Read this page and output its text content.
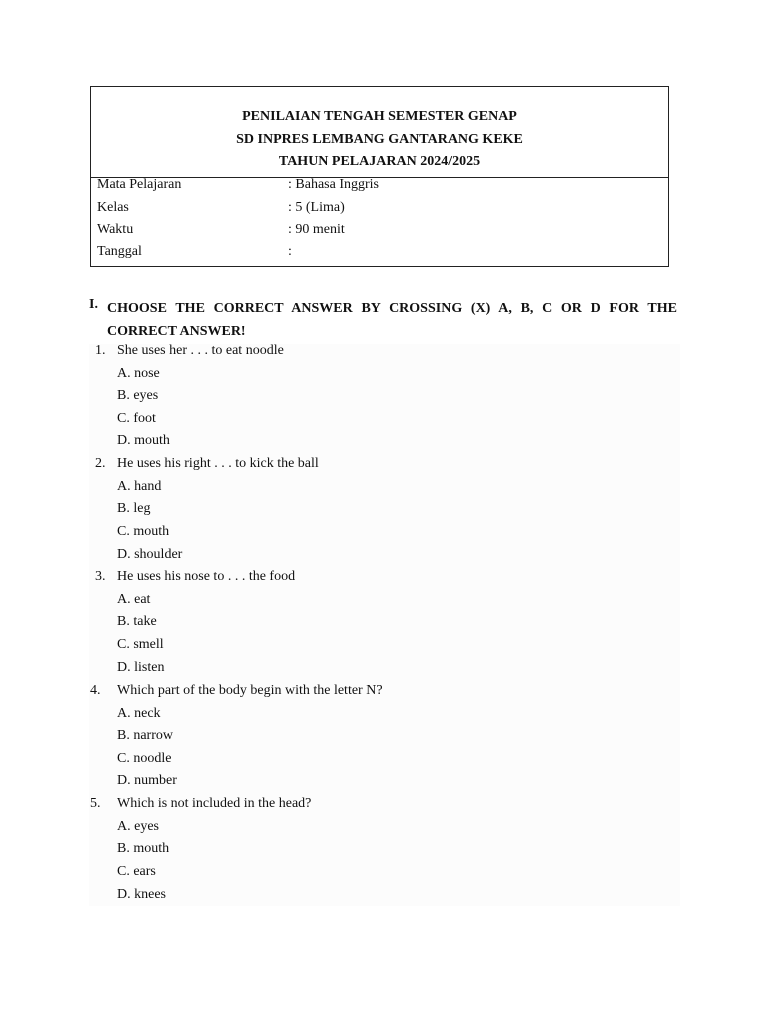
PENILAIAN TENGAH SEMESTER GENAP
SD INPRES LEMBANG GANTARANG KEKE
TAHUN PELAJARAN 2024/2025
Mata Pelajaran	: Bahasa Inggris
Kelas	: 5 (Lima)
Waktu	: 90 menit
Tanggal	:
I. CHOOSE THE CORRECT ANSWER BY CROSSING (X) A, B, C OR D FOR THE CORRECT ANSWER!
1. She uses her . . . to eat noodle
A. nose
B. eyes
C. foot
D. mouth
2. He uses his right . . . to kick the ball
A. hand
B. leg
C. mouth
D. shoulder
3. He uses his nose to . . . the food
A. eat
B. take
C. smell
D. listen
4. Which part of the body begin with the letter N?
A. neck
B. narrow
C. noodle
D. number
5. Which is not included in the head?
A. eyes
B. mouth
C. ears
D. knees
